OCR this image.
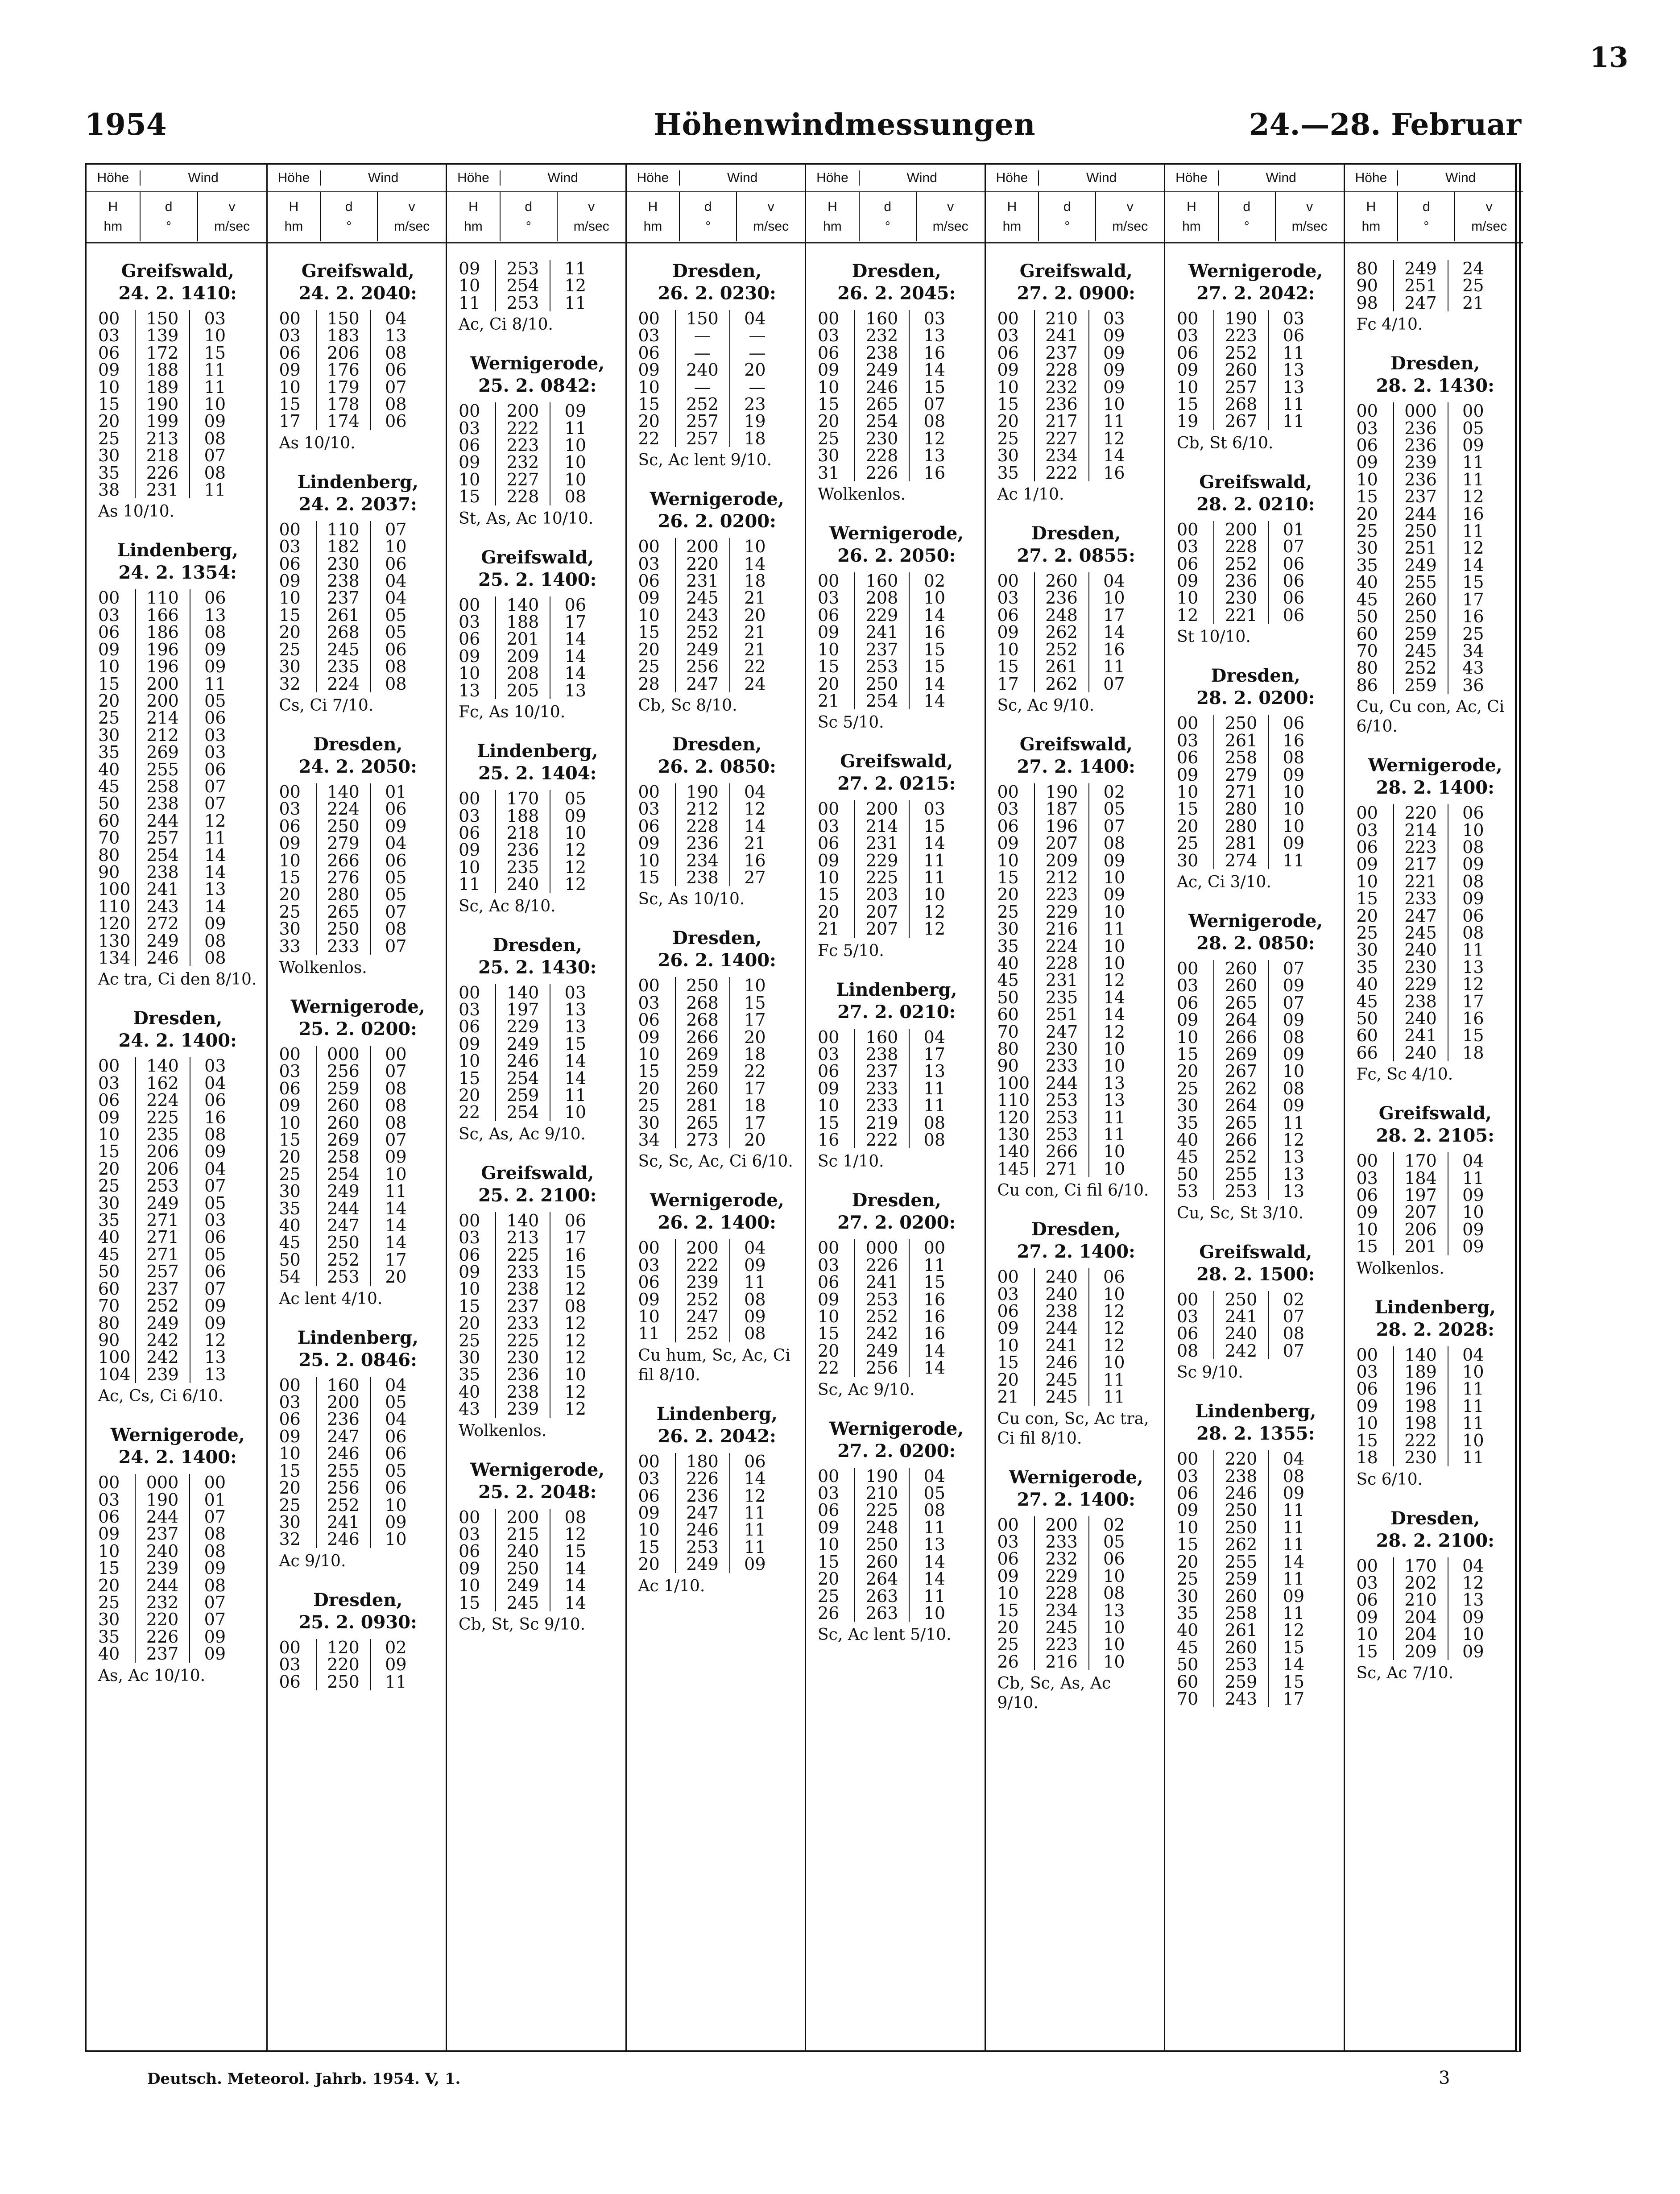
13
1954	Höhenwindmessungen	24.—28. Februar
Höhe	Wind
H
hm
d
°
v
m/sec
Greifswald,
24. 2. 1410:
00	150	03
03	139	10
06	172	15
09	188	11
10	189	11
15	190	10
20	199	09
25	213	08
30	218	07
35	226	08
38	231	11
As 10/10.
Lindenberg,
24. 2. 1354:
00	110	06
03	166	13
06	186	08
09	196	09
10	196	09
15	200	11
20	200	05
25	214	06
30	212	03
35	269	03
40	255	06
45	258	07
50	238	07
60	244	12
70	257	11
80	254	14
90	238	14
100	241	13
110	243	14
120	272	09
130	249	08
134	246	08
Ac tra, Ci den 8/10.
Dresden,
24. 2. 1400:
00	140	03
03	162	04
06	224	06
09	225	16
10	235	08
15	206	09
20	206	04
25	253	07
30	249	05
35	271	03
40	271	06
45	271	05
50	257	06
60	237	07
70	252	09
80	249	09
90	242	12
100	242	13
104	239	13
Ac, Cs, Ci 6/10.
Wernigerode,
24. 2. 1400:
00	000	00
03	190	01
06	244	07
09	237	08
10	240	08
15	239	09
20	244	08
25	232	07
30	220	07
35	226	09
40	237	09
As, Ac 10/10.
Höhe	Wind
H
hm
d
°
v
m/sec
Greifswald,
24. 2. 2040:
00	150	04
03	183	13
06	206	08
09	176	06
10	179	07
15	178	08
17	174	06
As 10/10.
Lindenberg,
24. 2. 2037:
00	110	07
03	182	10
06	230	06
09	238	04
10	237	04
15	261	05
20	268	05
25	245	06
30	235	08
32	224	08
Cs, Ci 7/10.
Dresden,
24. 2. 2050:
00	140	01
03	224	06
06	250	09
09	279	04
10	266	06
15	276	05
20	280	05
25	265	07
30	250	08
33	233	07
Wolkenlos.
Wernigerode,
25. 2. 0200:
00	000	00
03	256	07
06	259	08
09	260	08
10	260	08
15	269	07
20	258	09
25	254	10
30	249	11
35	244	14
40	247	14
45	250	14
50	252	17
54	253	20
Ac lent 4/10.
Lindenberg,
25. 2. 0846:
00	160	04
03	200	05
06	236	04
09	247	06
10	246	06
15	255	05
20	256	06
25	252	10
30	241	09
32	246	10
Ac 9/10.
Dresden,
25. 2. 0930:
00	120	02
03	220	09
06	250	11
Höhe	Wind
H
hm
d
°
v
m/sec
09	253	11
10	254	12
11	253	11
Ac, Ci 8/10.
Wernigerode,
25. 2. 0842:
00	200	09
03	222	11
06	223	10
09	232	10
10	227	10
15	228	08
St, As, Ac 10/10.
Greifswald,
25. 2. 1400:
00	140	06
03	188	17
06	201	14
09	209	14
10	208	14
13	205	13
Fc, As 10/10.
Lindenberg,
25. 2. 1404:
00	170	05
03	188	09
06	218	10
09	236	12
10	235	12
11	240	12
Sc, Ac 8/10.
Dresden,
25. 2. 1430:
00	140	03
03	197	13
06	229	13
09	249	15
10	246	14
15	254	14
20	259	11
22	254	10
Sc, As, Ac 9/10.
Greifswald,
25. 2. 2100:
00	140	06
03	213	17
06	225	16
09	233	15
10	238	12
15	237	08
20	233	12
25	225	12
30	230	12
35	236	10
40	238	12
43	239	12
Wolkenlos.
Wernigerode,
25. 2. 2048:
00	200	08
03	215	12
06	240	15
09	250	14
10	249	14
15	245	14
Cb, St, Sc 9/10.
Höhe	Wind
H
hm
d
°
v
m/sec
Dresden,
26. 2. 0230:
00	150	04
03	—	—
06	—	—
09	240	20
10	—	—
15	252	23
20	257	19
22	257	18
Sc, Ac lent 9/10.
Wernigerode,
26. 2. 0200:
00	200	10
03	220	14
06	231	18
09	245	21
10	243	20
15	252	21
20	249	21
25	256	22
28	247	24
Cb, Sc 8/10.
Dresden,
26. 2. 0850:
00	190	04
03	212	12
06	228	14
09	236	21
10	234	16
15	238	27
Sc, As 10/10.
Dresden,
26. 2. 1400:
00	250	10
03	268	15
06	268	17
09	266	20
10	269	18
15	259	22
20	260	17
25	281	18
30	265	17
34	273	20
Sc, Sc, Ac, Ci 6/10.
Wernigerode,
26. 2. 1400:
00	200	04
03	222	09
06	239	11
09	252	08
10	247	09
11	252	08
Cu hum, Sc, Ac, Ci fil 8/10.
Lindenberg,
26. 2. 2042:
00	180	06
03	226	14
06	236	12
09	247	11
10	246	11
15	253	11
20	249	09
Ac 1/10.
Höhe	Wind
H
hm
d
°
v
m/sec
Dresden,
26. 2. 2045:
00	160	03
03	232	13
06	238	16
09	249	14
10	246	15
15	265	07
20	254	08
25	230	12
30	228	13
31	226	16
Wolkenlos.
Wernigerode,
26. 2. 2050:
00	160	02
03	208	10
06	229	14
09	241	16
10	237	15
15	253	15
20	250	14
21	254	14
Sc 5/10.
Greifswald,
27. 2. 0215:
00	200	03
03	214	15
06	231	14
09	229	11
10	225	11
15	203	10
20	207	12
21	207	12
Fc 5/10.
Lindenberg,
27. 2. 0210:
00	160	04
03	238	17
06	237	13
09	233	11
10	233	11
15	219	08
16	222	08
Sc 1/10.
Dresden,
27. 2. 0200:
00	000	00
03	226	11
06	241	15
09	253	16
10	252	16
15	242	16
20	249	14
22	256	14
Sc, Ac 9/10.
Wernigerode,
27. 2. 0200:
00	190	04
03	210	05
06	225	08
09	248	11
10	250	13
15	260	14
20	264	14
25	263	11
26	263	10
Sc, Ac lent 5/10.
Höhe	Wind
H
hm
d
°
v
m/sec
Greifswald,
27. 2. 0900:
00	210	03
03	241	09
06	237	09
09	228	09
10	232	09
15	236	10
20	217	11
25	227	12
30	234	14
35	222	16
Ac 1/10.
Dresden,
27. 2. 0855:
00	260	04
03	236	10
06	248	17
09	262	14
10	252	16
15	261	11
17	262	07
Sc, Ac 9/10.
Greifswald,
27. 2. 1400:
00	190	02
03	187	05
06	196	07
09	207	08
10	209	09
15	212	10
20	223	09
25	229	10
30	216	11
35	224	10
40	228	10
45	231	12
50	235	14
60	251	14
70	247	12
80	230	10
90	233	10
100	244	13
110	253	13
120	253	11
130	253	11
140	266	10
145	271	10
Cu con, Ci fil 6/10.
Dresden,
27. 2. 1400:
00	240	06
03	240	10
06	238	12
09	244	12
10	241	12
15	246	10
20	245	11
21	245	11
Cu con, Sc, Ac tra, Ci fil 8/10.
Wernigerode,
27. 2. 1400:
00	200	02
03	233	05
06	232	06
09	229	10
10	228	08
15	234	13
20	245	10
25	223	10
26	216	10
Cb, Sc, As, Ac 9/10.
Höhe	Wind
H
hm
d
°
v
m/sec
Wernigerode,
27. 2. 2042:
00	190	03
03	223	06
06	252	11
09	260	13
10	257	13
15	268	11
19	267	11
Cb, St 6/10.
Greifswald,
28. 2. 0210:
00	200	01
03	228	07
06	252	06
09	236	06
10	230	06
12	221	06
St 10/10.
Dresden,
28. 2. 0200:
00	250	06
03	261	16
06	258	08
09	279	09
10	271	10
15	280	10
20	280	10
25	281	09
30	274	11
Ac, Ci 3/10.
Wernigerode,
28. 2. 0850:
00	260	07
03	260	09
06	265	07
09	264	09
10	266	08
15	269	09
20	267	10
25	262	08
30	264	09
35	265	11
40	266	12
45	252	13
50	255	13
53	253	13
Cu, Sc, St 3/10.
Greifswald,
28. 2. 1500:
00	250	02
03	241	07
06	240	08
08	242	07
Sc 9/10.
Lindenberg,
28. 2. 1355:
00	220	04
03	238	08
06	246	09
09	250	11
10	250	11
15	262	11
20	255	14
25	259	11
30	260	09
35	258	11
40	261	12
45	260	15
50	253	14
60	259	15
70	243	17
Höhe	Wind
H
hm
d
°
v
m/sec
80	249	24
90	251	25
98	247	21
Fc 4/10.
Dresden,
28. 2. 1430:
00	000	00
03	236	05
06	236	09
09	239	11
10	236	11
15	237	12
20	244	16
25	250	11
30	251	12
35	249	14
40	255	15
45	260	17
50	250	16
60	259	25
70	245	34
80	252	43
86	259	36
Cu, Cu con, Ac, Ci 6/10.
Wernigerode,
28. 2. 1400:
00	220	06
03	214	10
06	223	08
09	217	09
10	221	08
15	233	09
20	247	06
25	245	08
30	240	11
35	230	13
40	229	12
45	238	17
50	240	16
60	241	15
66	240	18
Fc, Sc 4/10.
Greifswald,
28. 2. 2105:
00	170	04
03	184	11
06	197	09
09	207	10
10	206	09
15	201	09
Wolkenlos.
Lindenberg,
28. 2. 2028:
00	140	04
03	189	10
06	196	11
09	198	11
10	198	11
15	222	10
18	230	11
Sc 6/10.
Dresden,
28. 2. 2100:
00	170	04
03	202	12
06	210	13
09	204	09
10	204	10
15	209	09
Sc, Ac 7/10.
Deutsch. Meteorol. Jahrb. 1954. V, 1.	3
